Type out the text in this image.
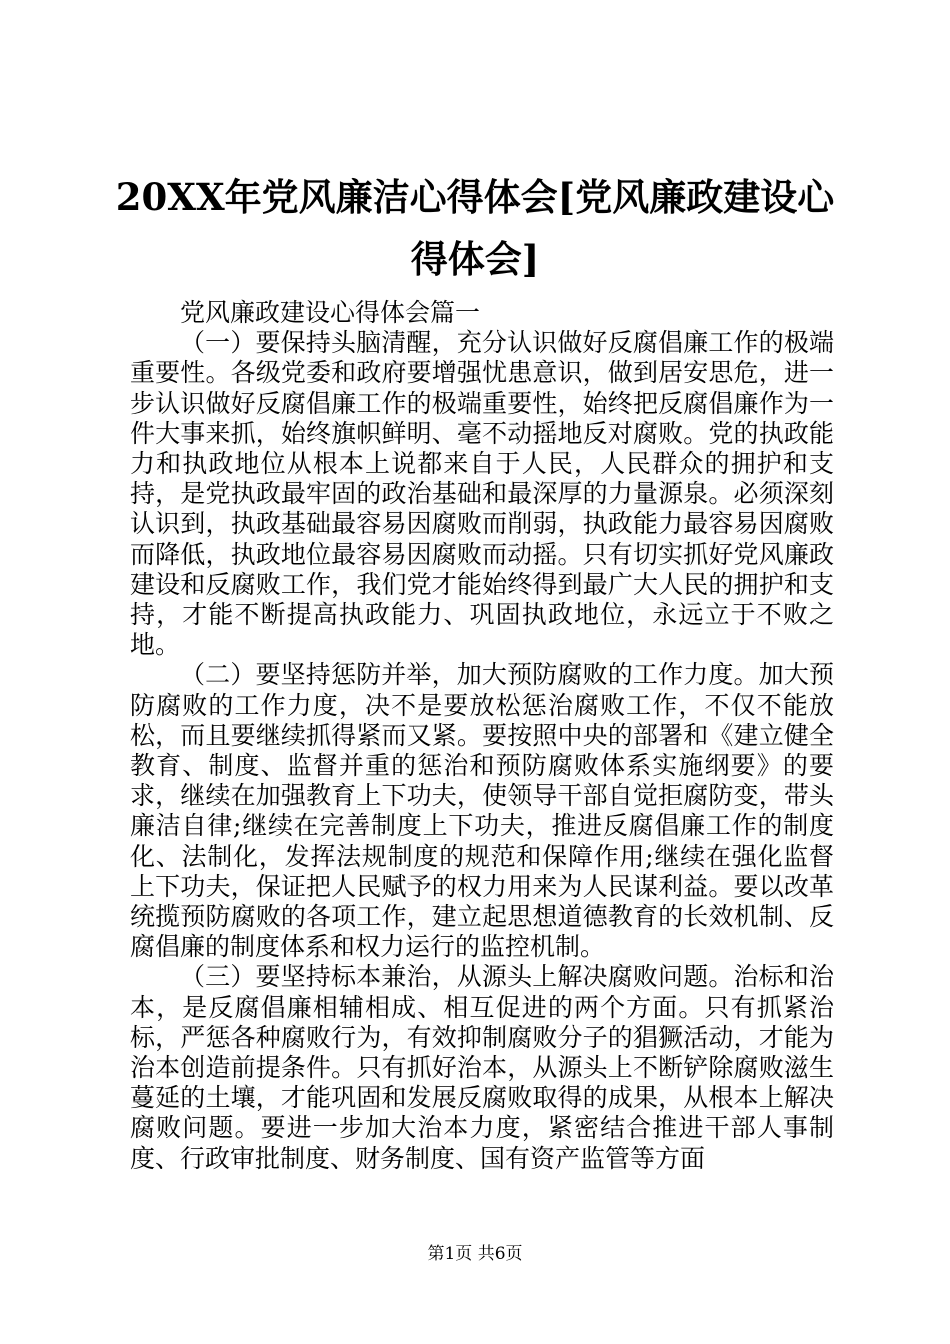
20XX年党风廉洁心得体会[党风廉政建设心得体会]

党风廉政建设心得体会篇一

（一）要保持头脑清醒，充分认识做好反腐倡廉工作的极端重要性。各级党委和政府要增强忧患意识，做到居安思危，进一步认识做好反腐倡廉工作的极端重要性，始终把反腐倡廉作为一件大事来抓，始终旗帜鲜明、毫不动摇地反对腐败。党的执政能力和执政地位从根本上说都来自于人民，人民群众的拥护和支持，是党执政最牢固的政治基础和最深厚的力量源泉。必须深刻认识到，执政基础最容易因腐败而削弱，执政能力最容易因腐败而降低，执政地位最容易因腐败而动摇。只有切实抓好党风廉政建设和反腐败工作，我们党才能始终得到最广大人民的拥护和支持，才能不断提高执政能力、巩固执政地位，永远立于不败之地。

（二）要坚持惩防并举，加大预防腐败的工作力度。加大预防腐败的工作力度，决不是要放松惩治腐败工作，不仅不能放松，而且要继续抓得紧而又紧。要按照中央的部署和《建立健全教育、制度、监督并重的惩治和预防腐败体系实施纲要》的要求，继续在加强教育上下功夫，使领导干部自觉拒腐防变，带头廉洁自律;继续在完善制度上下功夫，推进反腐倡廉工作的制度化、法制化，发挥法规制度的规范和保障作用;继续在强化监督上下功夫，保证把人民赋予的权力用来为人民谋利益。要以改革统揽预防腐败的各项工作，建立起思想道德教育的长效机制、反腐倡廉的制度体系和权力运行的监控机制。

（三）要坚持标本兼治，从源头上解决腐败问题。治标和治本，是反腐倡廉相辅相成、相互促进的两个方面。只有抓紧治标，严惩各种腐败行为，有效抑制腐败分子的猖獗活动，才能为治本创造前提条件。只有抓好治本，从源头上不断铲除腐败滋生蔓延的土壤，才能巩固和发展反腐败取得的成果，从根本上解决腐败问题。要进一步加大治本力度，紧密结合推进干部人事制度、行政审批制度、财务制度、国有资产监管等方面

第1页 共6页
